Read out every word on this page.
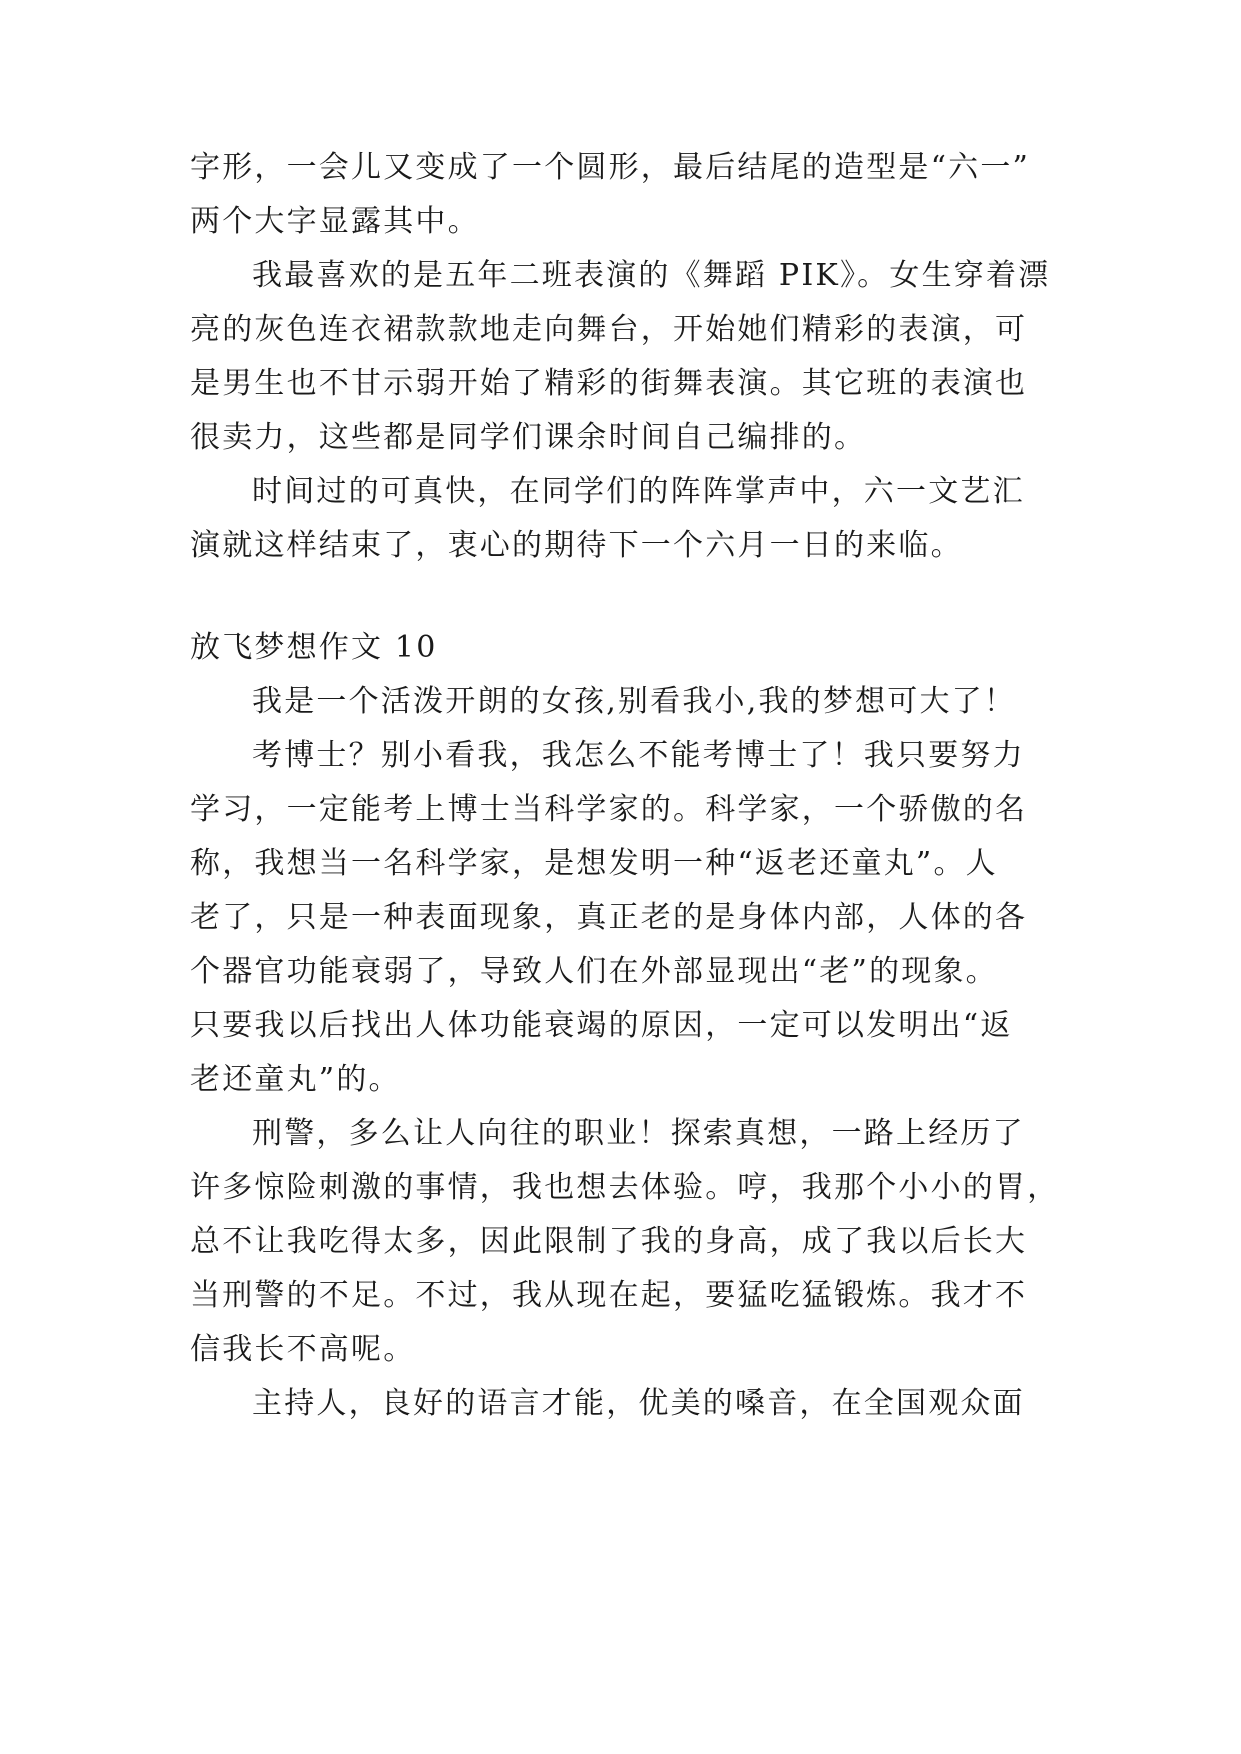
字形，一会儿又变成了一个圆形，最后结尾的造型是“六一”
两个大字显露其中。
我最喜欢的是五年二班表演的《舞蹈 PIK》。女生穿着漂
亮的灰色连衣裙款款地走向舞台，开始她们精彩的表演，可
是男生也不甘示弱开始了精彩的街舞表演。其它班的表演也
很卖力，这些都是同学们课余时间自己编排的。
时间过的可真快，在同学们的阵阵掌声中，六一文艺汇
演就这样结束了，衷心的期待下一个六月一日的来临。
放飞梦想作文 10
我是一个活泼开朗的女孩,别看我小,我的梦想可大了！
考博士？别小看我，我怎么不能考博士了！我只要努力
学习，一定能考上博士当科学家的。科学家，一个骄傲的名
称，我想当一名科学家，是想发明一种“返老还童丸”。人
老了，只是一种表面现象，真正老的是身体内部，人体的各
个器官功能衰弱了，导致人们在外部显现出“老”的现象。
只要我以后找出人体功能衰竭的原因，一定可以发明出“返
老还童丸”的。
刑警，多么让人向往的职业！探索真想，一路上经历了
许多惊险刺激的事情，我也想去体验。哼，我那个小小的胃，
总不让我吃得太多，因此限制了我的身高，成了我以后长大
当刑警的不足。不过，我从现在起，要猛吃猛锻炼。我才不
信我长不高呢。
主持人，良好的语言才能，优美的嗓音，在全国观众面
